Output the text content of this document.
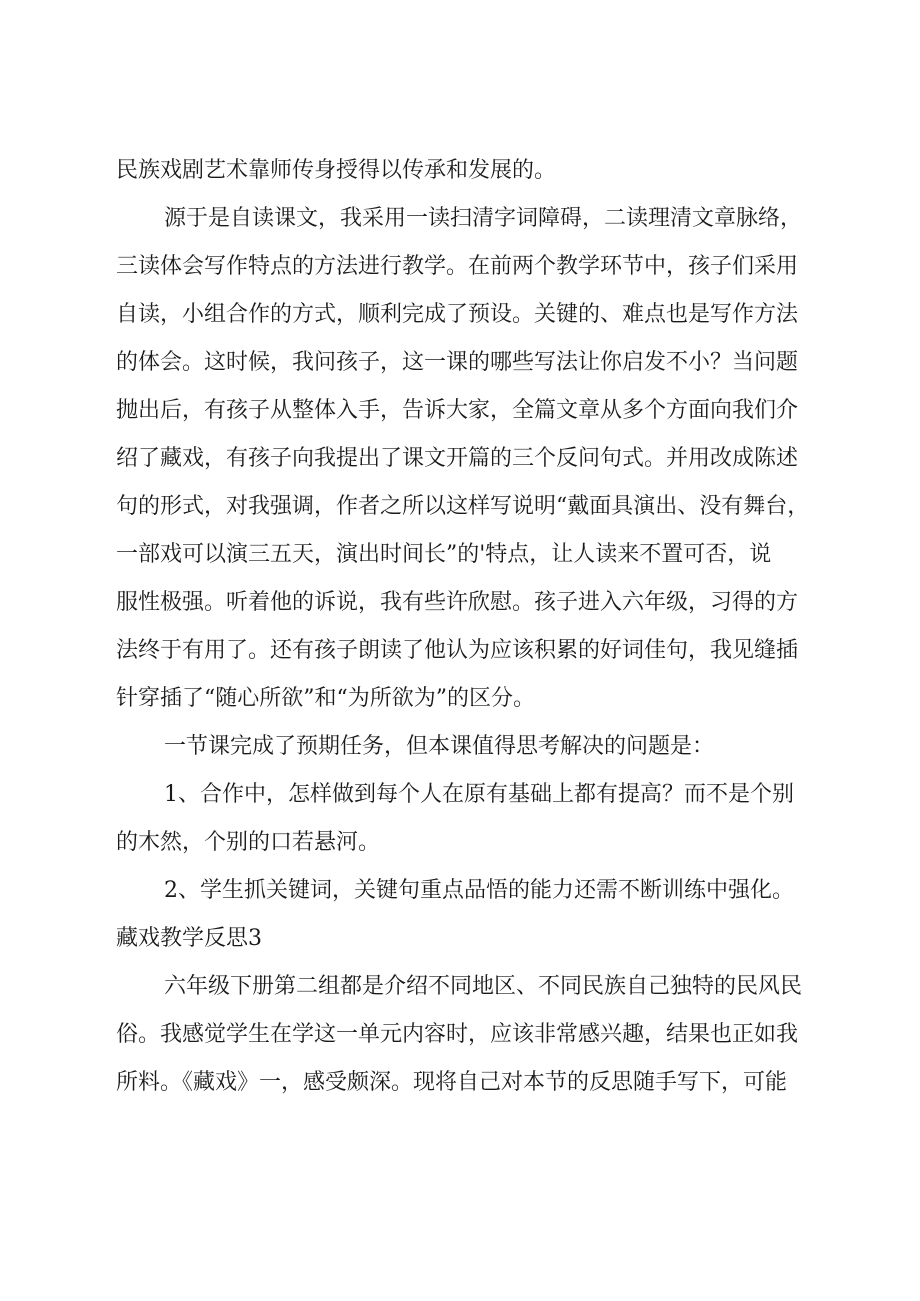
民族戏剧艺术靠师传身授得以传承和发展的。
源于是自读课文，我采用一读扫清字词障碍，二读理清文章脉络，
三读体会写作特点的方法进行教学。在前两个教学环节中，孩子们采用
自读，小组合作的方式，顺利完成了预设。关键的、难点也是写作方法
的体会。这时候，我问孩子，这一课的哪些写法让你启发不小？当问题
抛出后，有孩子从整体入手，告诉大家，全篇文章从多个方面向我们介
绍了藏戏，有孩子向我提出了课文开篇的三个反问句式。并用改成陈述
句的形式，对我强调，作者之所以这样写说明“戴面具演出、没有舞台，
一部戏可以演三五天，演出时间长”的'特点，让人读来不置可否，说
服性极强。听着他的诉说，我有些许欣慰。孩子进入六年级，习得的方
法终于有用了。还有孩子朗读了他认为应该积累的好词佳句，我见缝插
针穿插了“随心所欲”和“为所欲为”的区分。
一节课完成了预期任务，但本课值得思考解决的问题是：
1、合作中，怎样做到每个人在原有基础上都有提高？而不是个别
的木然，个别的口若悬河。
2、学生抓关键词，关键句重点品悟的能力还需不断训练中强化。
藏戏教学反思3
六年级下册第二组都是介绍不同地区、不同民族自己独特的民风民
俗。我感觉学生在学这一单元内容时，应该非常感兴趣，结果也正如我
所料。《藏戏》一，感受颇深。现将自己对本节的反思随手写下，可能
